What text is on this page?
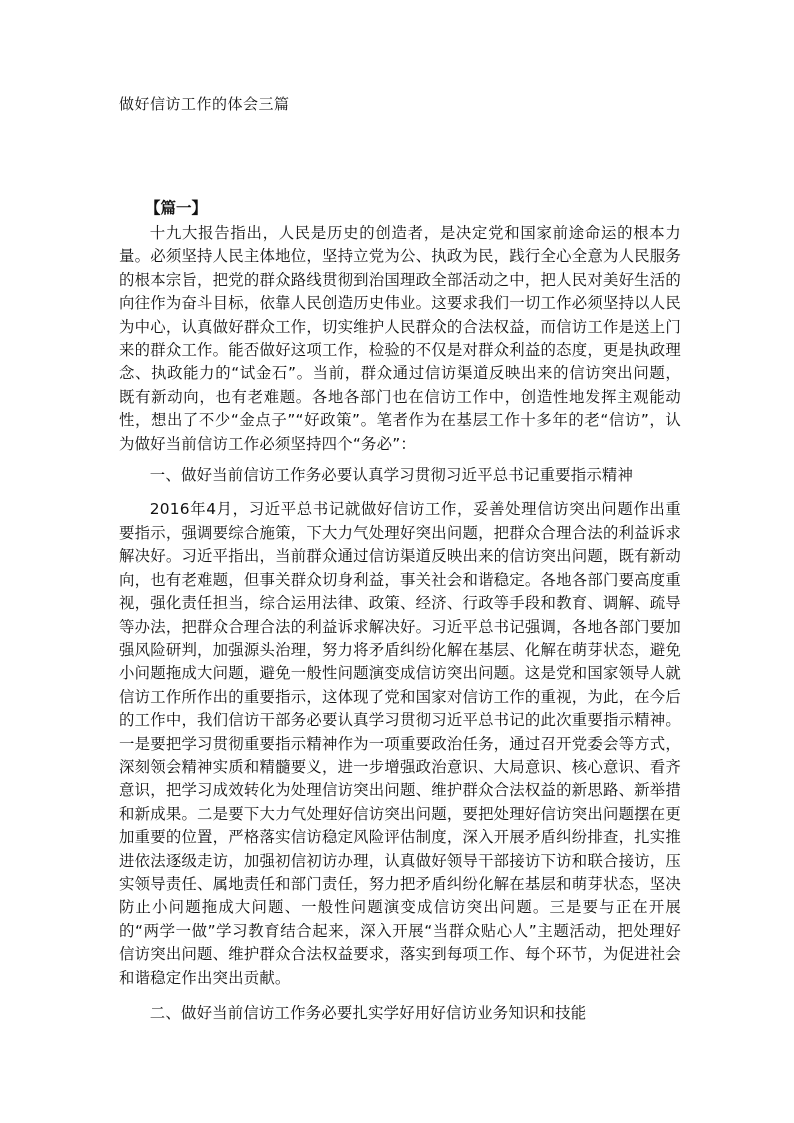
做好信访工作的体会三篇
【篇一】

十九大报告指出，人民是历史的创造者，是决定党和国家前途命运的根本力量。必须坚持人民主体地位，坚持立党为公、执政为民，践行全心全意为人民服务的根本宗旨，把党的群众路线贯彻到治国理政全部活动之中，把人民对美好生活的向往作为奋斗目标，依靠人民创造历史伟业。这要求我们一切工作必须坚持以人民为中心，认真做好群众工作，切实维护人民群众的合法权益，而信访工作是送上门来的群众工作。能否做好这项工作，检验的不仅是对群众利益的态度，更是执政理念、执政能力的“试金石”。当前，群众通过信访渠道反映出来的信访突出问题，既有新动向，也有老难题。各地各部门也在信访工作中，创造性地发挥主观能动性，想出了不少“金点子”“好政策”。笔者作为在基层工作十多年的老“信访”，认为做好当前信访工作必须坚持四个“务必”：

一、做好当前信访工作务必要认真学习贯彻习近平总书记重要指示精神

2016年4月，习近平总书记就做好信访工作，妥善处理信访突出问题作出重要指示，强调要综合施策，下大力气处理好突出问题，把群众合理合法的利益诉求解决好。习近平指出，当前群众通过信访渠道反映出来的信访突出问题，既有新动向，也有老难题，但事关群众切身利益，事关社会和谐稳定。各地各部门要高度重视，强化责任担当，综合运用法律、政策、经济、行政等手段和教育、调解、疏导等办法，把群众合理合法的利益诉求解决好。习近平总书记强调，各地各部门要加强风险研判，加强源头治理，努力将矛盾纠纷化解在基层、化解在萌芽状态，避免小问题拖成大问题，避免一般性问题演变成信访突出问题。这是党和国家领导人就信访工作所作出的重要指示，这体现了党和国家对信访工作的重视，为此，在今后的工作中，我们信访干部务必要认真学习贯彻习近平总书记的此次重要指示精神。一是要把学习贯彻重要指示精神作为一项重要政治任务，通过召开党委会等方式，深刻领会精神实质和精髓要义，进一步增强政治意识、大局意识、核心意识、看齐意识，把学习成效转化为处理信访突出问题、维护群众合法权益的新思路、新举措和新成果。二是要下大力气处理好信访突出问题，要把处理好信访突出问题摆在更加重要的位置，严格落实信访稳定风险评估制度，深入开展矛盾纠纷排查，扎实推进依法逐级走访，加强初信初访办理，认真做好领导干部接访下访和联合接访，压实领导责任、属地责任和部门责任，努力把矛盾纠纷化解在基层和萌芽状态，坚决防止小问题拖成大问题、一般性问题演变成信访突出问题。三是要与正在开展的“两学一做”学习教育结合起来，深入开展“当群众贴心人”主题活动，把处理好信访突出问题、维护群众合法权益要求，落实到每项工作、每个环节，为促进社会和谐稳定作出突出贡献。

二、做好当前信访工作务必要扎实学好用好信访业务知识和技能
